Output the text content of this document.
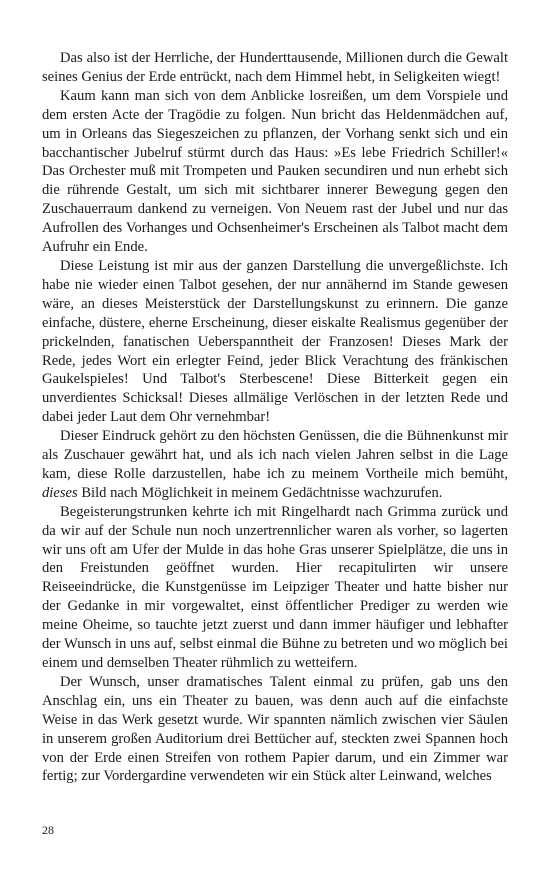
Das also ist der Herrliche, der Hunderttausende, Millionen durch die Gewalt seines Genius der Erde entrückt, nach dem Himmel hebt, in Seligkeiten wiegt!

Kaum kann man sich von dem Anblicke losreißen, um dem Vorspiele und dem ersten Acte der Tragödie zu folgen. Nun bricht das Heldenmädchen auf, um in Orleans das Siegeszeichen zu pflanzen, der Vorhang senkt sich und ein bacchantischer Jubelruf stürmt durch das Haus: »Es lebe Friedrich Schiller!« Das Orchester muß mit Trompeten und Pauken secundiren und nun erhebt sich die rührende Gestalt, um sich mit sichtbarer innerer Bewegung gegen den Zuschauerraum dankend zu verneigen. Von Neuem rast der Jubel und nur das Aufrollen des Vorhanges und Ochsenheimer's Erscheinen als Talbot macht dem Aufruhr ein Ende.

Diese Leistung ist mir aus der ganzen Darstellung die unvergeßlichste. Ich habe nie wieder einen Talbot gesehen, der nur annähernd im Stande gewesen wäre, an dieses Meisterstück der Darstellungskunst zu erinnern. Die ganze einfache, düstere, eherne Erscheinung, dieser eiskalte Realismus gegenüber der prickelnden, fanatischen Ueberspanntheit der Franzosen! Dieses Mark der Rede, jedes Wort ein erlegter Feind, jeder Blick Verachtung des fränkischen Gaukelspieles! Und Talbot's Sterbescene! Diese Bitterkeit gegen ein unverdientes Schicksal! Dieses allmälige Verlöschen in der letzten Rede und dabei jeder Laut dem Ohr vernehmbar!

Dieser Eindruck gehört zu den höchsten Genüssen, die die Bühnenkunst mir als Zuschauer gewährt hat, und als ich nach vielen Jahren selbst in die Lage kam, diese Rolle darzustellen, habe ich zu meinem Vortheile mich bemüht, dieses Bild nach Möglichkeit in meinem Gedächtnisse wachzurufen.

Begeisterungstrunken kehrte ich mit Ringelhardt nach Grimma zurück und da wir auf der Schule nun noch unzertrennlicher waren als vorher, so lagerten wir uns oft am Ufer der Mulde in das hohe Gras unserer Spielplätze, die uns in den Freistunden geöffnet wurden. Hier recapitulirten wir unsere Reiseeindrücke, die Kunstgenüsse im Leipziger Theater und hatte bisher nur der Gedanke in mir vorgewaltet, einst öffentlicher Prediger zu werden wie meine Oheime, so tauchte jetzt zuerst und dann immer häufiger und lebhafter der Wunsch in uns auf, selbst einmal die Bühne zu betreten und wo möglich bei einem und demselben Theater rühmlich zu wetteifern.

Der Wunsch, unser dramatisches Talent einmal zu prüfen, gab uns den Anschlag ein, uns ein Theater zu bauen, was denn auch auf die einfachste Weise in das Werk gesetzt wurde. Wir spannten nämlich zwischen vier Säulen in unserem großen Auditorium drei Bettücher auf, steckten zwei Spannen hoch von der Erde einen Streifen von rothem Papier darum, und ein Zimmer war fertig; zur Vordergardine verwendeten wir ein Stück alter Leinwand, welches

28
